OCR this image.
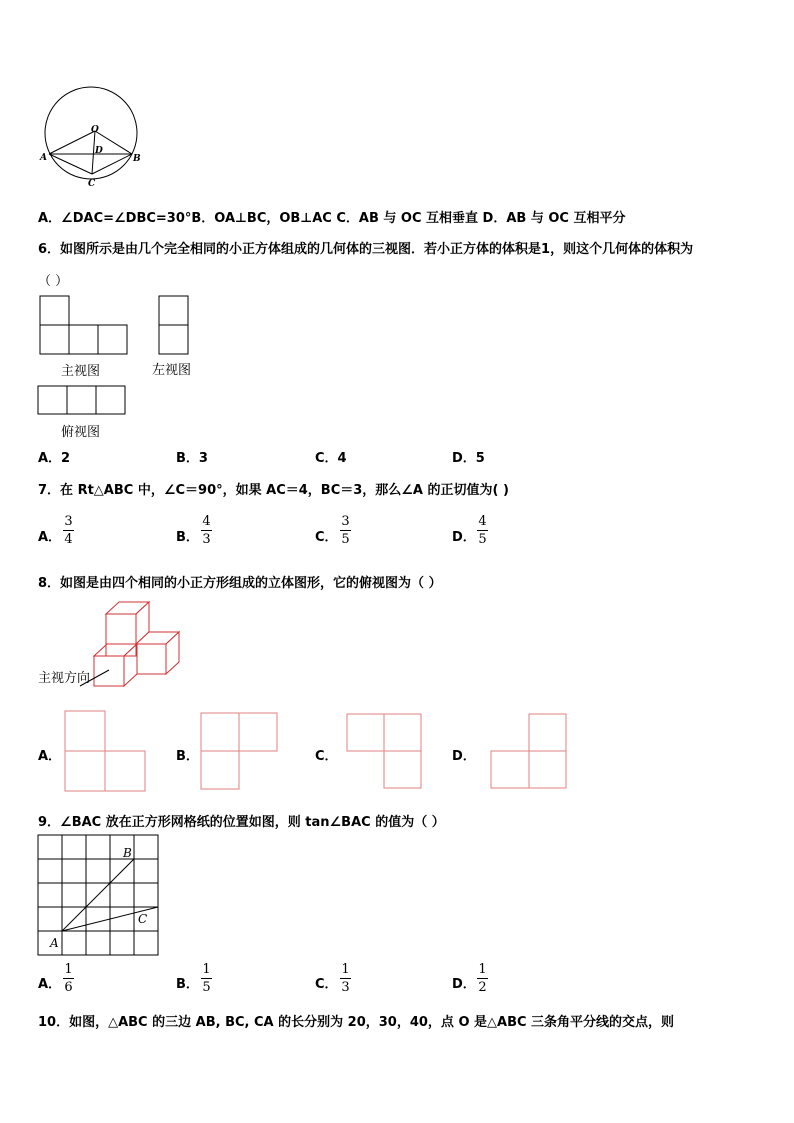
O
D
A	B
C
A．∠DAC=∠DBC=30°B．OA⊥BC，OB⊥AC C．AB 与 OC 互相垂直 D．AB 与 OC 互相平分
6．如图所示是由几个完全相同的小正方体组成的几何体的三视图．若小正方体的体积是1，则这个几何体的体积为
（ ）
主视图	左视图
俯视图
A．2	B．3	C．4	D．5
7．在 Rt△ABC 中，∠C＝90°，如果 AC＝4，BC＝3，那么∠A 的正切值为( )
A．
3
4	B．
4
3	C．
3
5	D．
4
5
8．如图是由四个相同的小正方形组成的立体图形，它的俯视图为（ ）
主视方向
A．	B．	C．	D．
9．∠BAC 放在正方形网格纸的位置如图，则 tan∠BAC 的值为（ ）
A
B
C
A．
1
6	B．
1
5	C．
1
3	D．
1
2
10．如图，△ABC 的三边 AB, BC, CA 的长分别为 20，30，40，点 O 是△ABC 三条角平分线的交点，则
